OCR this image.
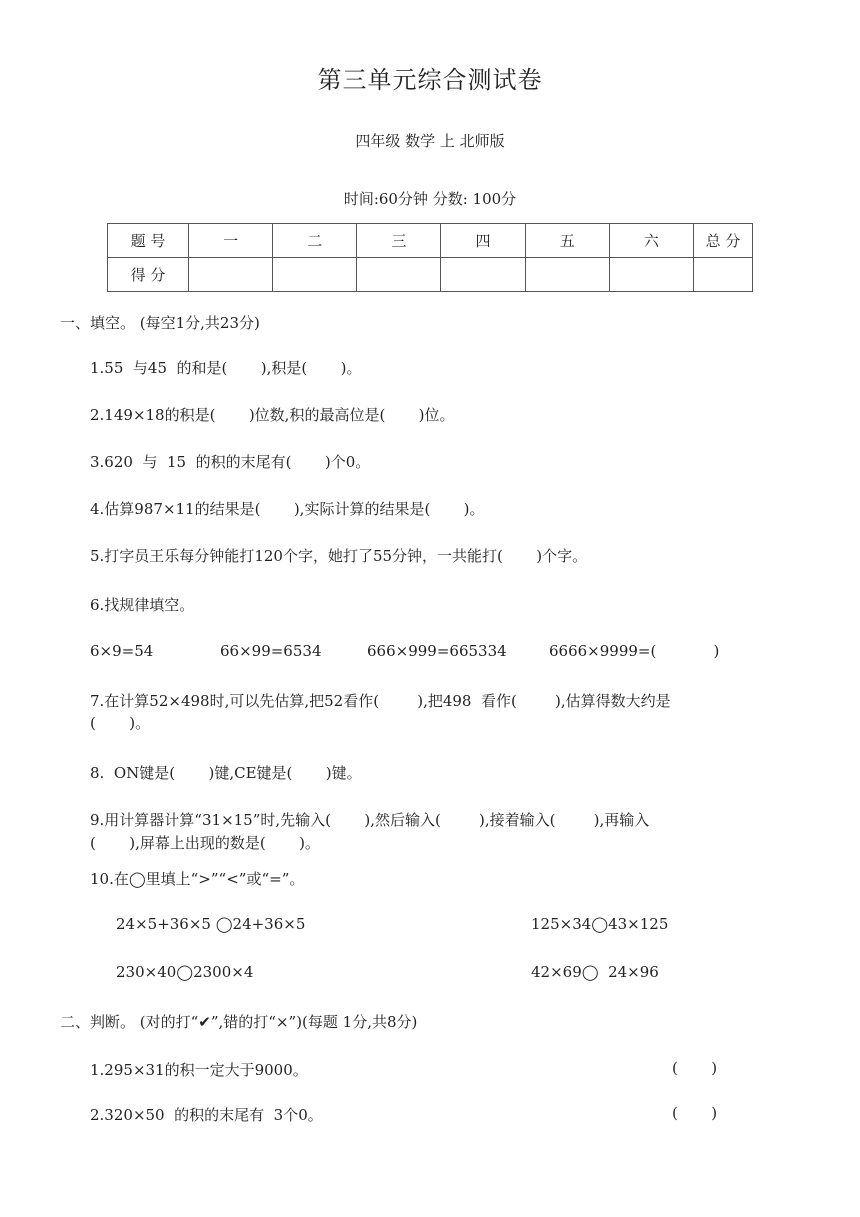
第三单元综合测试卷
四年级 数学 上 北师版
时间:60分钟 分数: 100分
题 号	一	二	三	四	五	六	总 分
得 分							
一、填空。 (每空1分,共23分)
1.55  与45  的和是(       ),积是(       )。
2.149×18的积是(       )位数,积的最高位是(       )位。
3.620  与  15  的积的末尾有(       )个0。
4.估算987×11的结果是(       ),实际计算的结果是(       )。
5.打字员王乐每分钟能打120个字，她打了55分钟，一共能打(       )个字。
6.找规律填空。
6×9=54	66×99=6534	666×999=665334	6666×9999=(            )
7.在计算52×498时,可以先估算,把52看作(        ),把498  看作(        ),估算得数大约是
(       )。
8.  ON键是(       )键,CE键是(       )键。
9.用计算器计算“31×15”时,先输入(       ),然后输入(        ),接着输入(        ),再输入
(       ),屏幕上出现的数是(       )。
10.在◯里填上“>”“<”或“=”。
24×5+36×5 ◯24+36×5	125×34◯43×125
230×40◯2300×4	42×69◯  24×96
二、判断。 (对的打“✔”,错的打“×”)(每题 1分,共8分)
1.295×31的积一定大于9000。	(       )
2.320×50  的积的末尾有  3个0。	(       )
